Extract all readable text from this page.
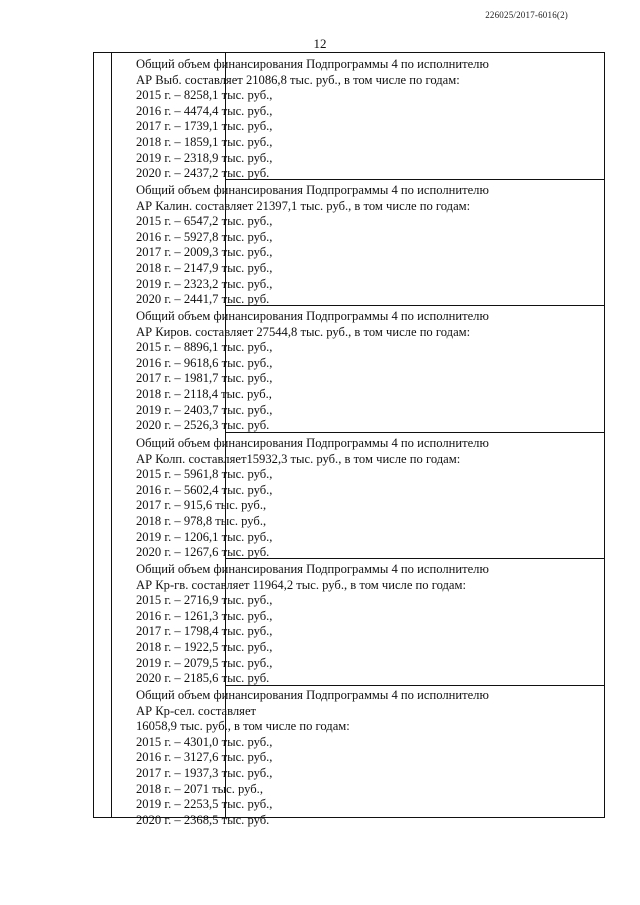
226025/2017-6016(2)
12
Общий объем финансирования Подпрограммы 4 по исполнителю
АР Выб. составляет 21086,8 тыс. руб., в том числе по годам:
2015 г. – 8258,1 тыс. руб.,
2016 г. – 4474,4 тыс. руб.,
2017 г. – 1739,1 тыс. руб.,
2018 г. – 1859,1 тыс. руб.,
2019 г. – 2318,9 тыс. руб.,
2020 г. – 2437,2 тыс. руб.
Общий объем финансирования Подпрограммы 4 по исполнителю
АР Калин. составляет 21397,1 тыс. руб., в том числе по годам:
2015 г. – 6547,2 тыс. руб.,
2016 г. – 5927,8 тыс. руб.,
2017 г. – 2009,3 тыс. руб.,
2018 г. – 2147,9 тыс. руб.,
2019 г. – 2323,2 тыс. руб.,
2020 г. – 2441,7 тыс. руб.
Общий объем финансирования Подпрограммы 4 по исполнителю
АР Киров. составляет 27544,8 тыс. руб., в том числе по годам:
2015 г. – 8896,1 тыс. руб.,
2016 г. – 9618,6 тыс. руб.,
2017 г. – 1981,7 тыс. руб.,
2018 г. – 2118,4 тыс. руб.,
2019 г. – 2403,7 тыс. руб.,
2020 г. – 2526,3 тыс. руб.
Общий объем финансирования Подпрограммы 4 по исполнителю
АР Колп. составляет15932,3 тыс. руб., в том числе по годам:
2015 г. – 5961,8 тыс. руб.,
2016 г. – 5602,4 тыс. руб.,
2017 г. – 915,6 тыс. руб.,
2018 г. – 978,8 тыс. руб.,
2019 г. – 1206,1 тыс. руб.,
2020 г. – 1267,6 тыс. руб.
Общий объем финансирования Подпрограммы 4 по исполнителю
АР Кр-гв. составляет 11964,2 тыс. руб., в том числе по годам:
2015 г. – 2716,9 тыс. руб.,
2016 г. – 1261,3 тыс. руб.,
2017 г. – 1798,4 тыс. руб.,
2018 г. – 1922,5 тыс. руб.,
2019 г. – 2079,5 тыс. руб.,
2020 г. – 2185,6 тыс. руб.
Общий объем финансирования Подпрограммы 4 по исполнителю
АР Кр-сел. составляет
16058,9 тыс. руб., в том числе по годам:
2015 г. – 4301,0 тыс. руб.,
2016 г. – 3127,6 тыс. руб.,
2017 г. – 1937,3 тыс. руб.,
2018 г. – 2071 тыс. руб.,
2019 г. – 2253,5 тыс. руб.,
2020 г. – 2368,5 тыс. руб.
